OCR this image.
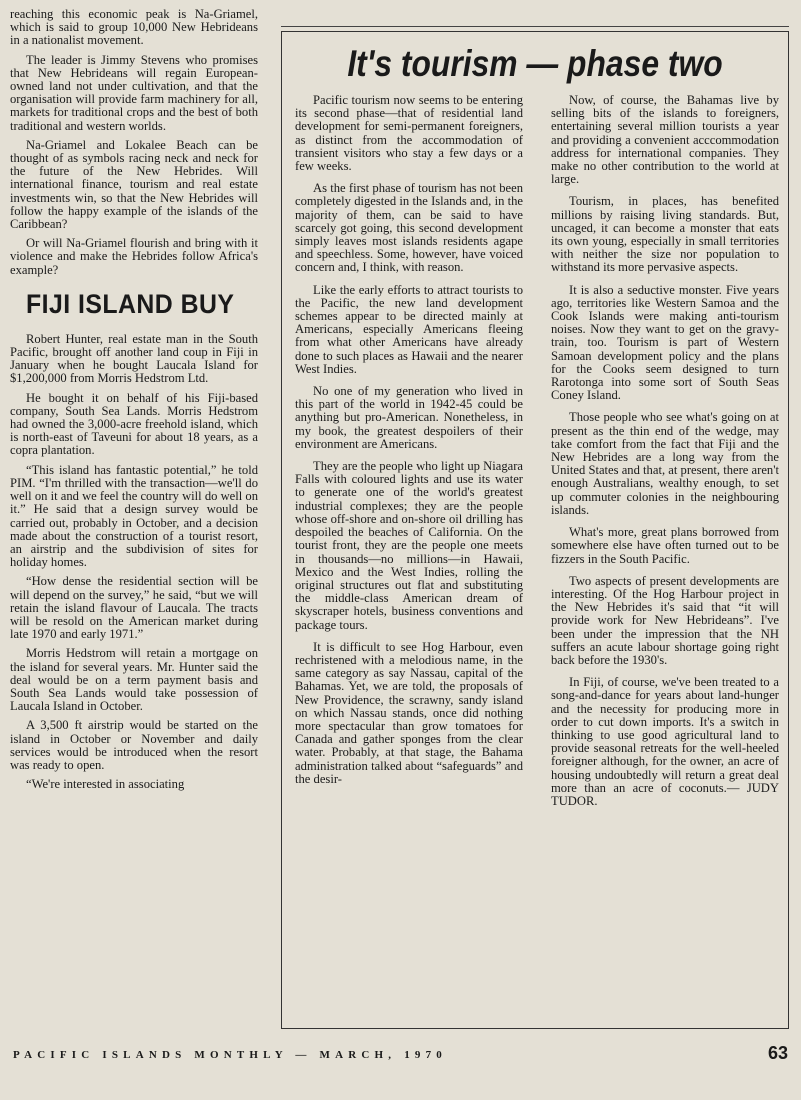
reaching this economic peak is Na-Griamel, which is said to group 10,000 New Hebrideans in a nationalist movement.

The leader is Jimmy Stevens who promises that New Hebrideans will regain European-owned land not under cultivation, and that the organisation will provide farm machinery for all, markets for traditional crops and the best of both traditional and western worlds.

Na-Griamel and Lokalee Beach can be thought of as symbols racing neck and neck for the future of the New Hebrides. Will international finance, tourism and real estate investments win, so that the New Hebrides will follow the happy example of the islands of the Caribbean?

Or will Na-Griamel flourish and bring with it violence and make the Hebrides follow Africa's example?

FIJI ISLAND BUY

Robert Hunter, real estate man in the South Pacific, brought off another land coup in Fiji in January when he bought Laucala Island for $1,200,000 from Morris Hedstrom Ltd.

He bought it on behalf of his Fiji-based company, South Sea Lands. Morris Hedstrom had owned the 3,000-acre freehold island, which is north-east of Taveuni for about 18 years, as a copra plantation.

“This island has fantastic potential,” he told PIM. “I'm thrilled with the transaction—we'll do well on it and we feel the country will do well on it.” He said that a design survey would be carried out, probably in October, and a decision made about the construction of a tourist resort, an airstrip and the subdivision of sites for holiday homes.

“How dense the residential section will be will depend on the survey,” he said, “but we will retain the island flavour of Laucala. The tracts will be resold on the American market during late 1970 and early 1971.”

Morris Hedstrom will retain a mortgage on the island for several years. Mr. Hunter said the deal would be on a term payment basis and South Sea Lands would take possession of Laucala Island in October.

A 3,500 ft airstrip would be started on the island in October or November and daily services would be introduced when the resort was ready to open.

“We're interested in associating

It's tourism — phase two

Pacific tourism now seems to be entering its second phase—that of residential land development for semi-permanent foreigners, as distinct from the accommodation of transient visitors who stay a few days or a few weeks.

As the first phase of tourism has not been completely digested in the Islands and, in the majority of them, can be said to have scarcely got going, this second development simply leaves most islands residents agape and speechless. Some, however, have voiced concern and, I think, with reason.

Like the early efforts to attract tourists to the Pacific, the new land development schemes appear to be directed mainly at Americans, especially Americans fleeing from what other Americans have already done to such places as Hawaii and the nearer West Indies.

No one of my generation who lived in this part of the world in 1942-45 could be anything but pro-American. Nonetheless, in my book, the greatest despoilers of their environment are Americans.

They are the people who light up Niagara Falls with coloured lights and use its water to generate one of the world's greatest industrial complexes; they are the people whose off-shore and on-shore oil drilling has despoiled the beaches of California. On the tourist front, they are the people one meets in thousands—no millions—in Hawaii, Mexico and the West Indies, rolling the original structures out flat and substituting the middle-class American dream of skyscraper hotels, business conventions and package tours.

It is difficult to see Hog Harbour, even rechristened with a melodious name, in the same category as say Nassau, capital of the Bahamas. Yet, we are told, the proposals of New Providence, the scrawny, sandy island on which Nassau stands, once did nothing more spectacular than grow tomatoes for Canada and gather sponges from the clear water. Probably, at that stage, the Bahama administration talked about “safeguards” and the desir-

Now, of course, the Bahamas live by selling bits of the islands to foreigners, entertaining several million tourists a year and providing a convenient acccommodation address for international companies. They make no other contribution to the world at large.

Tourism, in places, has benefited millions by raising living standards. But, uncaged, it can become a monster that eats its own young, especially in small territories with neither the size nor population to withstand its more pervasive aspects.

It is also a seductive monster. Five years ago, territories like Western Samoa and the Cook Islands were making anti-tourism noises. Now they want to get on the gravy-train, too. Tourism is part of Western Samoan development policy and the plans for the Cooks seem designed to turn Rarotonga into some sort of South Seas Coney Island.

Those people who see what's going on at present as the thin end of the wedge, may take comfort from the fact that Fiji and the New Hebrides are a long way from the United States and that, at present, there aren't enough Australians, wealthy enough, to set up commuter colonies in the neighbouring islands.

What's more, great plans borrowed from somewhere else have often turned out to be fizzers in the South Pacific.

Two aspects of present developments are interesting. Of the Hog Harbour project in the New Hebrides it's said that “it will provide work for New Hebrideans”. I've been under the impression that the NH suffers an acute labour shortage going right back before the 1930's.

In Fiji, of course, we've been treated to a song-and-dance for years about land-hunger and the necessity for producing more in order to cut down imports. It's a switch in thinking to use good agricultural land to provide seasonal retreats for the well-heeled foreigner although, for the owner, an acre of housing undoubtedly will return a great deal more than an acre of coconuts.— JUDY TUDOR.

PACIFIC ISLANDS MONTHLY — MARCH, 1970	63
